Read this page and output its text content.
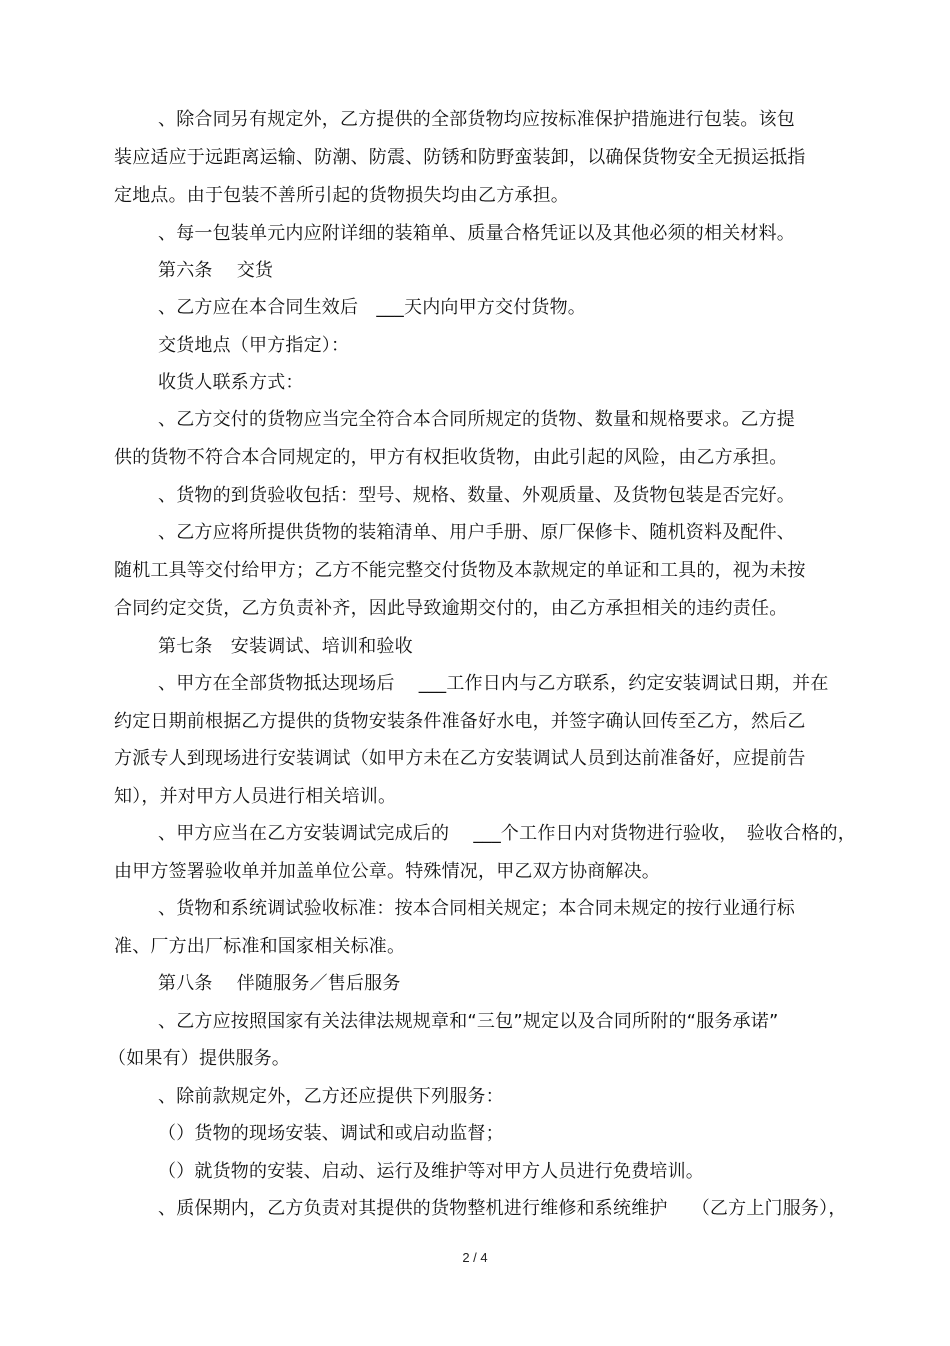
、除合同另有规定外，乙方提供的全部货物均应按标准保护措施进行包装。该包
装应适应于远距离运输、防潮、防震、防锈和防野蛮装卸，以确保货物安全无损运抵指
定地点。由于包装不善所引起的货物损失均由乙方承担。
、每一包装单元内应附详细的装箱单、质量合格凭证以及其他必须的相关材料。
第六条　 交货
、乙方应在本合同生效后　___天内向甲方交付货物。
交货地点（甲方指定）：
收货人联系方式：
、乙方交付的货物应当完全符合本合同所规定的货物、数量和规格要求。乙方提
供的货物不符合本合同规定的，甲方有权拒收货物，由此引起的风险，由乙方承担。
、货物的到货验收包括：型号、规格、数量、外观质量、及货物包装是否完好。
、乙方应将所提供货物的装箱清单、用户手册、原厂保修卡、随机资料及配件、
随机工具等交付给甲方；乙方不能完整交付货物及本款规定的单证和工具的，视为未按
合同约定交货，乙方负责补齐，因此导致逾期交付的，由乙方承担相关的违约责任。
第七条　安装调试、培训和验收
、甲方在全部货物抵达现场后　 ___工作日内与乙方联系，约定安装调试日期，并在
约定日期前根据乙方提供的货物安装条件准备好水电，并签字确认回传至乙方，然后乙
方派专人到现场进行安装调试（如甲方未在乙方安装调试人员到达前准备好，应提前告
知），并对甲方人员进行相关培训。
、甲方应当在乙方安装调试完成后的　 ___个工作日内对货物进行验收，　验收合格的，
由甲方签署验收单并加盖单位公章。特殊情况，甲乙双方协商解决。
、货物和系统调试验收标准：按本合同相关规定；本合同未规定的按行业通行标
准、厂方出厂标准和国家相关标准。
第八条　 伴随服务／售后服务
、乙方应按照国家有关法律法规规章和“三包”规定以及合同所附的“服务承诺”
（如果有）提供服务。
、除前款规定外，乙方还应提供下列服务：
（）货物的现场安装、调试和或启动监督；
（）就货物的安装、启动、运行及维护等对甲方人员进行免费培训。
、质保期内，乙方负责对其提供的货物整机进行维修和系统维护　 （乙方上门服务），
2 / 4
